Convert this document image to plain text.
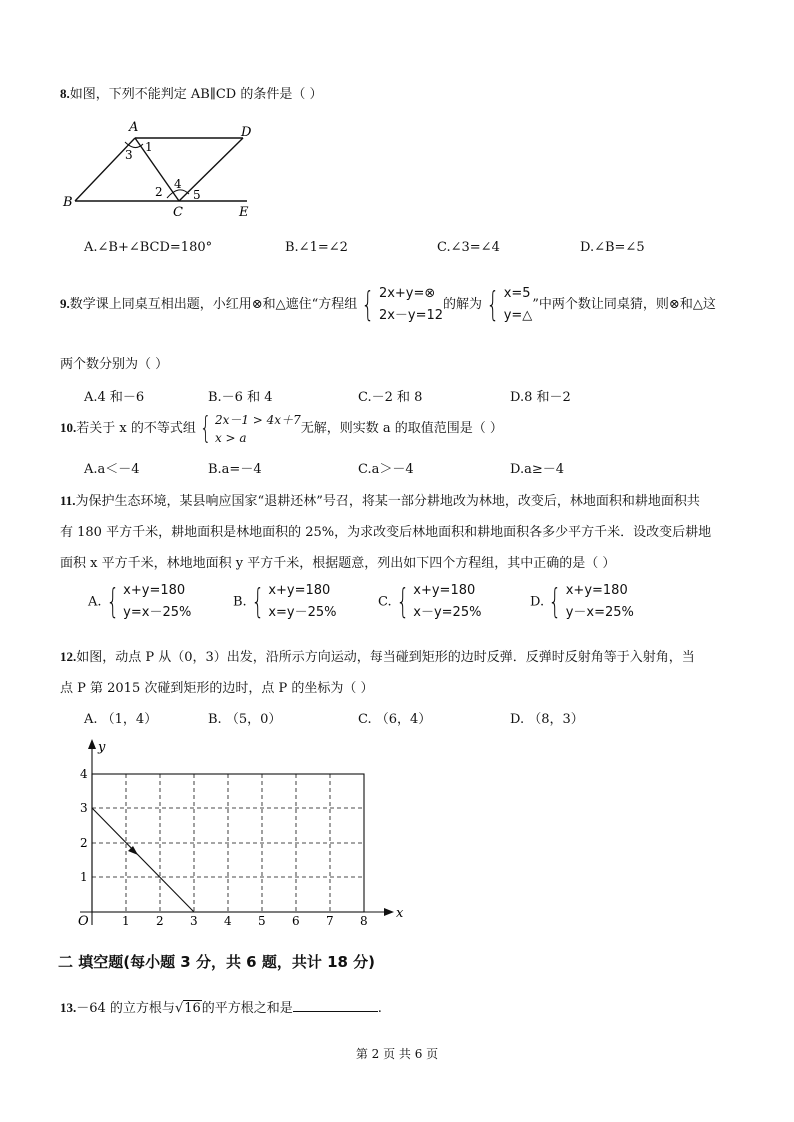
8.如图，下列不能判定 AB∥CD 的条件是（ ）
A	D
B
C	E
1
3
2
4
5
A.∠B+∠BCD=180°	B.∠1=∠2	C.∠3=∠4	D.∠B=∠5
9.数学课上同桌互相出题，小红用⊗和△遮住“方程组 { 2x+y=⊗
2x－y=12的解为 { x=5
y=△”中两个数让同桌猜，则⊗和△这
两个数分别为（ ）
A.4 和－6	B.－6 和 4	C.－2 和 8	D.8 和－2
10.若关于 x 的不等式组 { 2x－1 > 4x＋7
x > a无解，则实数 a 的取值范围是（ ）
A.a＜－4	B.a=－4	C.a＞－4	D.a≥－4
11.为保护生态环境，某县响应国家“退耕还林”号召，将某一部分耕地改为林地，改变后，林地面积和耕地面积共
有 180 平方千米，耕地面积是林地面积的 25%，为求改变后林地面积和耕地面积各多少平方千米．设改变后耕地
面积 x 平方千米，林地地面积 y 平方千米，根据题意，列出如下四个方程组，其中正确的是（ ）
A. { x+y=180
y=x－25%
B. { x+y=180
x=y－25%
C. { x+y=180
x－y=25%
D. { x+y=180
y－x=25%
12.如图，动点 P 从（0，3）出发，沿所示方向运动，每当碰到矩形的边时反弹．反弹时反射角等于入射角，当
点 P 第 2015 次碰到矩形的边时，点 P 的坐标为（ ）
A. （1，4）	B. （5，0）	C. （6，4）	D. （8，3）
x
y
O	1 2 3 4 5 6 7 8
1
2
3
4
二 填空题(每小题 3 分，共 6 题，共计 18 分)
13.－64 的立方根与√16的平方根之和是	.
第 2 页 共 6 页
